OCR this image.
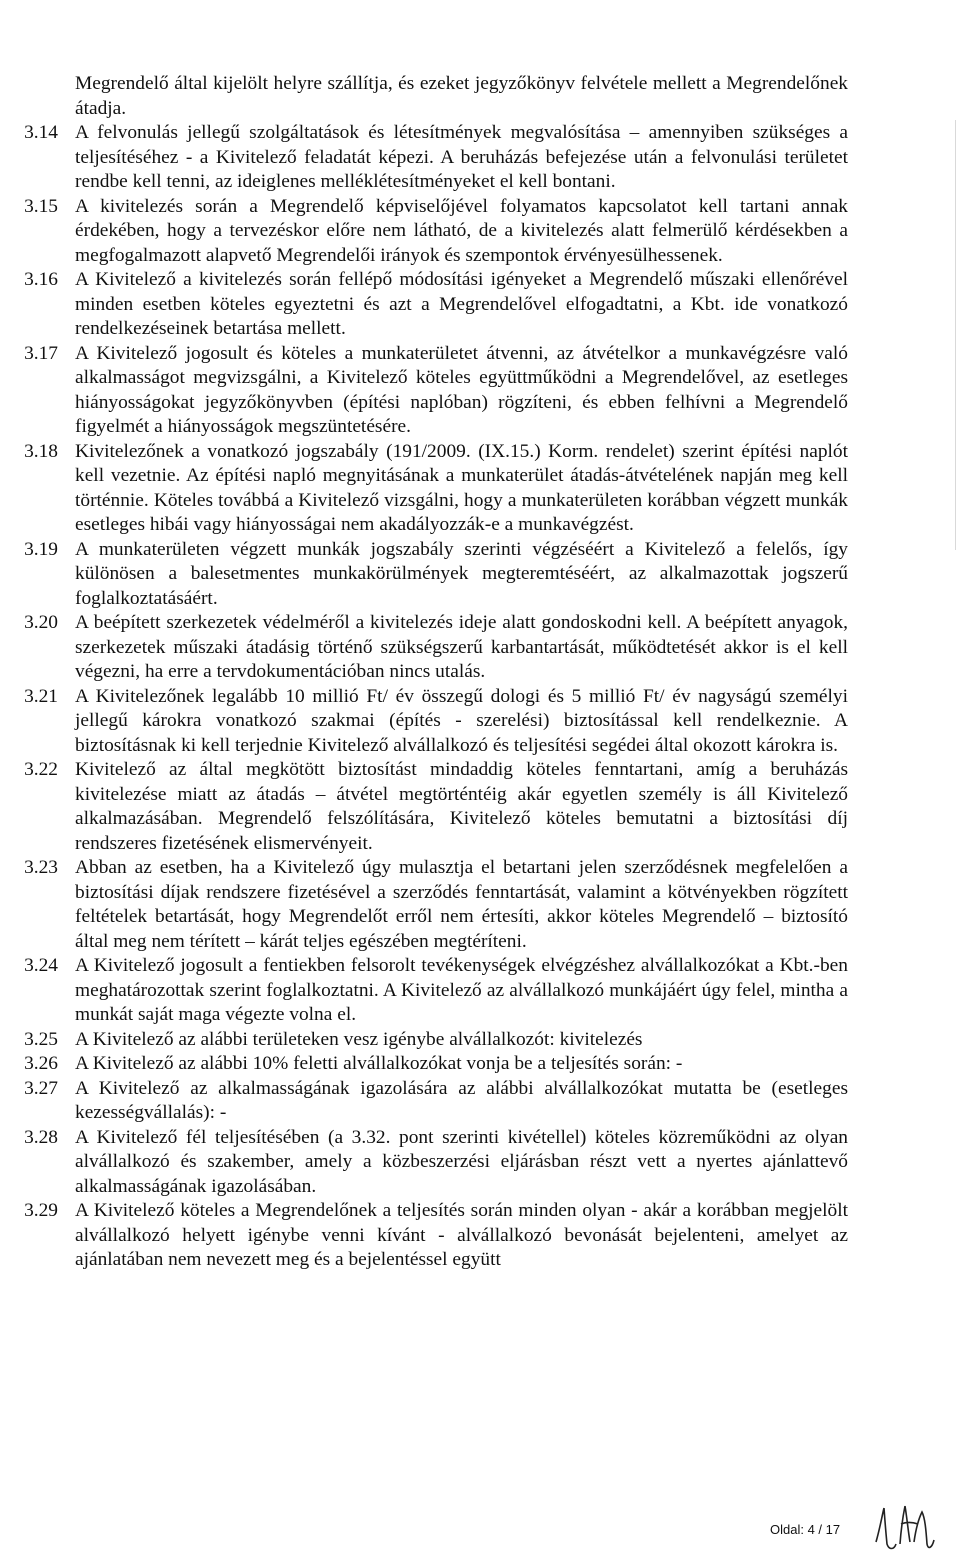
Megrendelő által kijelölt helyre szállítja, és ezeket jegyzőkönyv felvétele mellett a Megrendelőnek átadja.
3.14 A felvonulás jellegű szolgáltatások és létesítmények megvalósítása – amennyiben szükséges a teljesítéséhez - a Kivitelező feladatát képezi. A beruházás befejezése után a felvonulási területet rendbe kell tenni, az ideiglenes melléklétesítményeket el kell bontani.
3.15 A kivitelezés során a Megrendelő képviselőjével folyamatos kapcsolatot kell tartani annak érdekében, hogy a tervezéskor előre nem látható, de a kivitelezés alatt felmerülő kérdésekben a megfogalmazott alapvető Megrendelői irányok és szempontok érvényesülhessenek.
3.16 A Kivitelező a kivitelezés során fellépő módosítási igényeket a Megrendelő műszaki ellenőrével minden esetben köteles egyeztetni és azt a Megrendelővel elfogadtatni, a Kbt. ide vonatkozó rendelkezéseinek betartása mellett.
3.17 A Kivitelező jogosult és köteles a munkaterületet átvenni, az átvételkor a munkavégzésre való alkalmasságot megvizsgálni, a Kivitelező köteles együttműködni a Megrendelővel, az esetleges hiányosságokat jegyzőkönyvben (építési naplóban) rögzíteni, és ebben felhívni a Megrendelő figyelmét a hiányosságok megszüntetésére.
3.18 Kivitelezőnek a vonatkozó jogszabály (191/2009. (IX.15.) Korm. rendelet) szerint építési naplót kell vezetnie. Az építési napló megnyitásának a munkaterület átadás-átvételének napján meg kell történnie. Köteles továbbá a Kivitelező vizsgálni, hogy a munkaterületen korábban végzett munkák esetleges hibái vagy hiányosságai nem akadályozzák-e a munkavégzést.
3.19 A munkaterületen végzett munkák jogszabály szerinti végzéséért a Kivitelező a felelős, így különösen a balesetmentes munkakörülmények megteremtéséért, az alkalmazottak jogszerű foglalkoztatásáért.
3.20 A beépített szerkezetek védelméről a kivitelezés ideje alatt gondoskodni kell. A beépített anyagok, szerkezetek műszaki átadásig történő szükségszerű karbantartását, működtetését akkor is el kell végezni, ha erre a tervdokumentációban nincs utalás.
3.21 A Kivitelezőnek legalább 10 millió Ft/ év összegű dologi és 5 millió Ft/ év nagyságú személyi jellegű károkra vonatkozó szakmai (építés - szerelési) biztosítással kell rendelkeznie. A biztosításnak ki kell terjednie Kivitelező alvállalkozó és teljesítési segédei által okozott károkra is.
3.22 Kivitelező az által megkötött biztosítást mindaddig köteles fenntartani, amíg a beruházás kivitelezése miatt az átadás – átvétel megtörténtéig akár egyetlen személy is áll Kivitelező alkalmazásában. Megrendelő felszólítására, Kivitelező köteles bemutatni a biztosítási díj rendszeres fizetésének elismervényeit.
3.23 Abban az esetben, ha a Kivitelező úgy mulasztja el betartani jelen szerződésnek megfelelően a biztosítási díjak rendszere fizetésével a szerződés fenntartását, valamint a kötvényekben rögzített feltételek betartását, hogy Megrendelőt erről nem értesíti, akkor köteles Megrendelő – biztosító által meg nem térített – kárát teljes egészében megtéríteni.
3.24 A Kivitelező jogosult a fentiekben felsorolt tevékenységek elvégzéshez alvállalkozókat a Kbt.-ben meghatározottak szerint foglalkoztatni. A Kivitelező az alvállalkozó munkájáért úgy felel, mintha a munkát saját maga végezte volna el.
3.25 A Kivitelező az alábbi területeken vesz igénybe alvállalkozót: kivitelezés
3.26 A Kivitelező az alábbi 10% feletti alvállalkozókat vonja be a teljesítés során: -
3.27 A Kivitelező az alkalmasságának igazolására az alábbi alvállalkozókat mutatta be (esetleges kezességvállalás): -
3.28 A Kivitelező fél teljesítésében (a 3.32. pont szerinti kivétellel) köteles közreműködni az olyan alvállalkozó és szakember, amely a közbeszerzési eljárásban részt vett a nyertes ajánlattevő alkalmasságának igazolásában.
3.29 A Kivitelező köteles a Megrendelőnek a teljesítés során minden olyan - akár a korábban megjelölt alvállalkozó helyett igénybe venni kívánt - alvállalkozó bevonását bejelenteni, amelyet az ajánlatában nem nevezett meg és a bejelentéssel együtt
Oldal: 4 / 17
